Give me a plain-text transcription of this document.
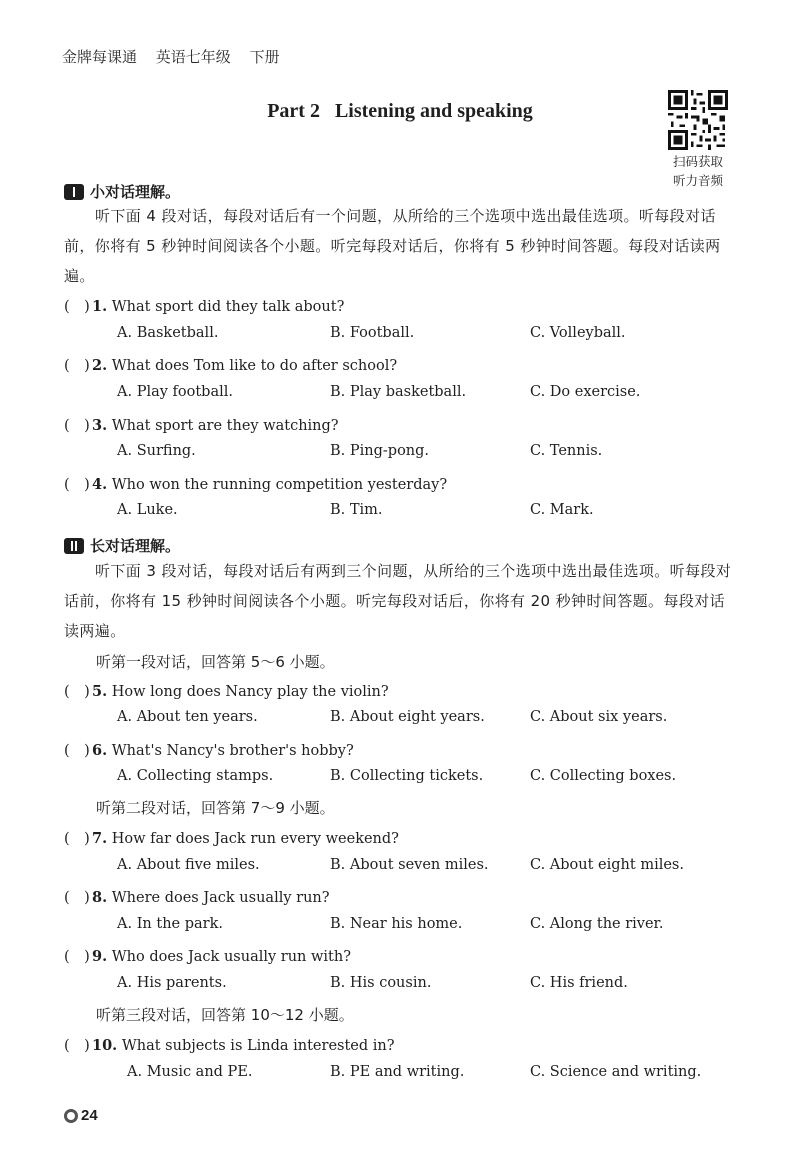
金牌每课通 英语七年级 下册
Part 2   Listening and speaking
扫码获取
听力音频
小对话理解。

听下面 4 段对话，每段对话后有一个问题，从所给的三个选项中选出最佳选项。听每段对话前，你将有 5 秒钟时间阅读各个小题。听完每段对话后，你将有 5 秒钟时间答题。每段对话读两遍。

(　) 1. What sport did they talk about?
A. Basketball.	B. Football.	C. Volleyball.
(　) 2. What does Tom like to do after school?
A. Play football.	B. Play basketball.	C. Do exercise.
(　) 3. What sport are they watching?
A. Surfing.	B. Ping-pong.	C. Tennis.
(　) 4. Who won the running competition yesterday?
A. Luke.	B. Tim.	C. Mark.
长对话理解。

听下面 3 段对话，每段对话后有两到三个问题，从所给的三个选项中选出最佳选项。听每段对话前，你将有 15 秒钟时间阅读各个小题。听完每段对话后，你将有 20 秒钟时间答题。每段对话读两遍。

听第一段对话，回答第 5～6 小题。
(　) 5. How long does Nancy play the violin?
A. About ten years.	B. About eight years.	C. About six years.
(　) 6. What's Nancy's brother's hobby?
A. Collecting stamps.	B. Collecting tickets.	C. Collecting boxes.
听第二段对话，回答第 7～9 小题。
(　) 7. How far does Jack run every weekend?
A. About five miles.	B. About seven miles.	C. About eight miles.
(　) 8. Where does Jack usually run?
A. In the park.	B. Near his home.	C. Along the river.
(　) 9. Who does Jack usually run with?
A. His parents.	B. His cousin.	C. His friend.
听第三段对话，回答第 10～12 小题。
(　) 10. What subjects is Linda interested in?
A. Music and PE.	B. PE and writing.	C. Science and writing.
24
